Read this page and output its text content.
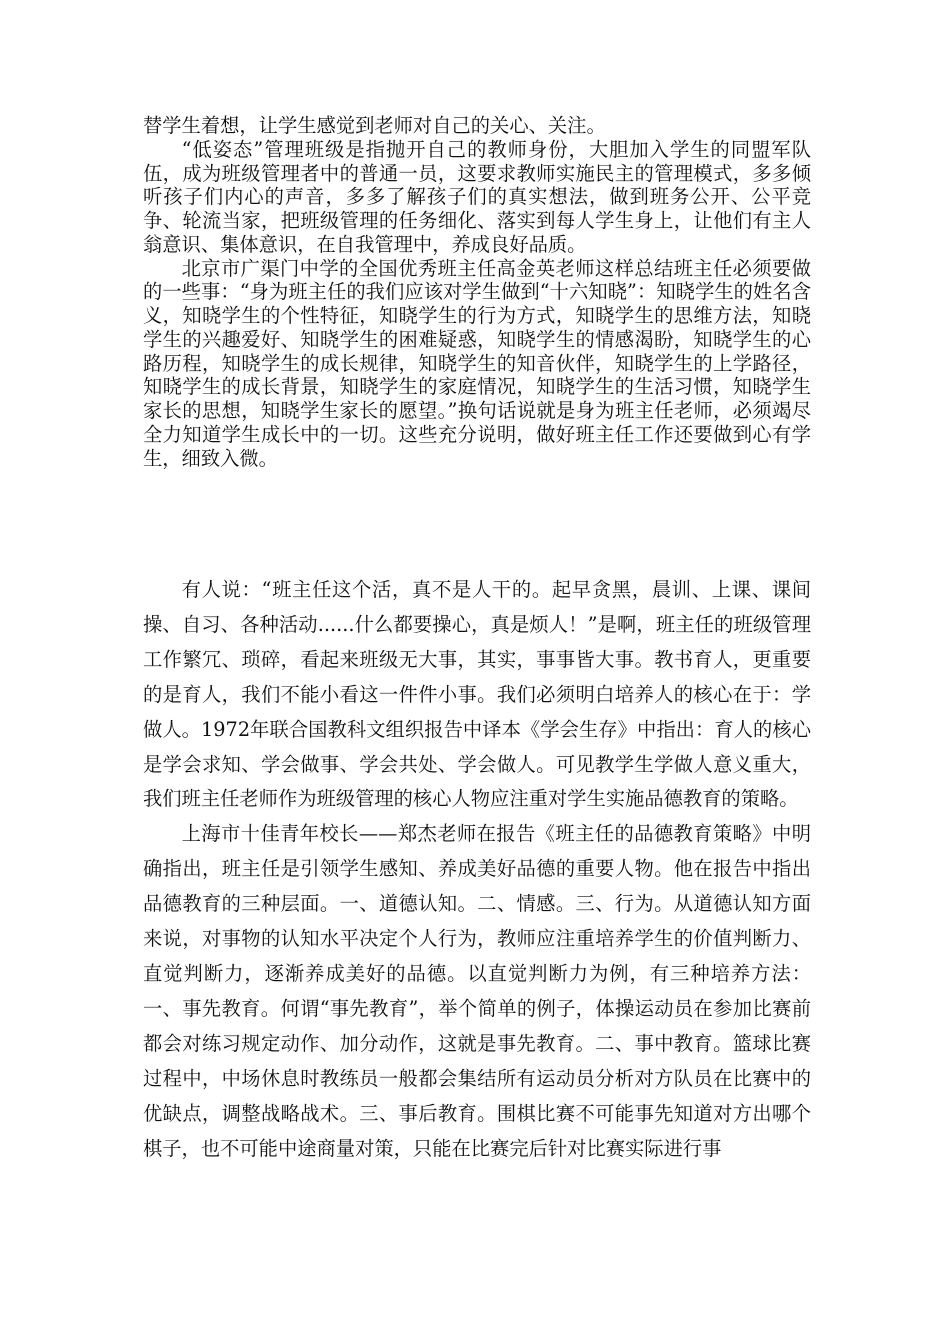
替学生着想，让学生感觉到老师对自己的关心、关注。

“低姿态”管理班级是指抛开自己的教师身份，大胆加入学生的同盟军队伍，成为班级管理者中的普通一员，这要求教师实施民主的管理模式，多多倾听孩子们内心的声音，多多了解孩子们的真实想法，做到班务公开、公平竞争、轮流当家，把班级管理的任务细化、落实到每人学生身上，让他们有主人翁意识、集体意识，在自我管理中，养成良好品质。

北京市广渠门中学的全国优秀班主任高金英老师这样总结班主任必须要做的一些事：“身为班主任的我们应该对学生做到“十六知晓”：知晓学生的姓名含义，知晓学生的个性特征，知晓学生的行为方式，知晓学生的思维方法，知晓学生的兴趣爱好、知晓学生的困难疑惑，知晓学生的情感渴盼，知晓学生的心路历程，知晓学生的成长规律，知晓学生的知音伙伴，知晓学生的上学路径，知晓学生的成长背景，知晓学生的家庭情况，知晓学生的生活习惯，知晓学生家长的思想，知晓学生家长的愿望。”换句话说就是身为班主任老师，必须竭尽全力知道学生成长中的一切。这些充分说明，做好班主任工作还要做到心有学生，细致入微。

有人说：“班主任这个活，真不是人干的。起早贪黑，晨训、上课、课间操、自习、各种活动......什么都要操心，真是烦人！”是啊，班主任的班级管理工作繁冗、琐碎，看起来班级无大事，其实，事事皆大事。教书育人，更重要的是育人，我们不能小看这一件件小事。我们必须明白培养人的核心在于：学做人。1972年联合国教科文组织报告中译本《学会生存》中指出：育人的核心是学会求知、学会做事、学会共处、学会做人。可见教学生学做人意义重大，我们班主任老师作为班级管理的核心人物应注重对学生实施品德教育的策略。

上海市十佳青年校长——郑杰老师在报告《班主任的品德教育策略》中明确指出，班主任是引领学生感知、养成美好品德的重要人物。他在报告中指出品德教育的三种层面。一、道德认知。二、情感。三、行为。从道德认知方面来说，对事物的认知水平决定个人行为，教师应注重培养学生的价值判断力、直觉判断力，逐渐养成美好的品德。以直觉判断力为例，有三种培养方法：一、事先教育。何谓“事先教育”，举个简单的例子，体操运动员在参加比赛前都会对练习规定动作、加分动作，这就是事先教育。二、事中教育。篮球比赛过程中，中场休息时教练员一般都会集结所有运动员分析对方队员在比赛中的优缺点，调整战略战术。三、事后教育。围棋比赛不可能事先知道对方出哪个棋子，也不可能中途商量对策，只能在比赛完后针对比赛实际进行事
